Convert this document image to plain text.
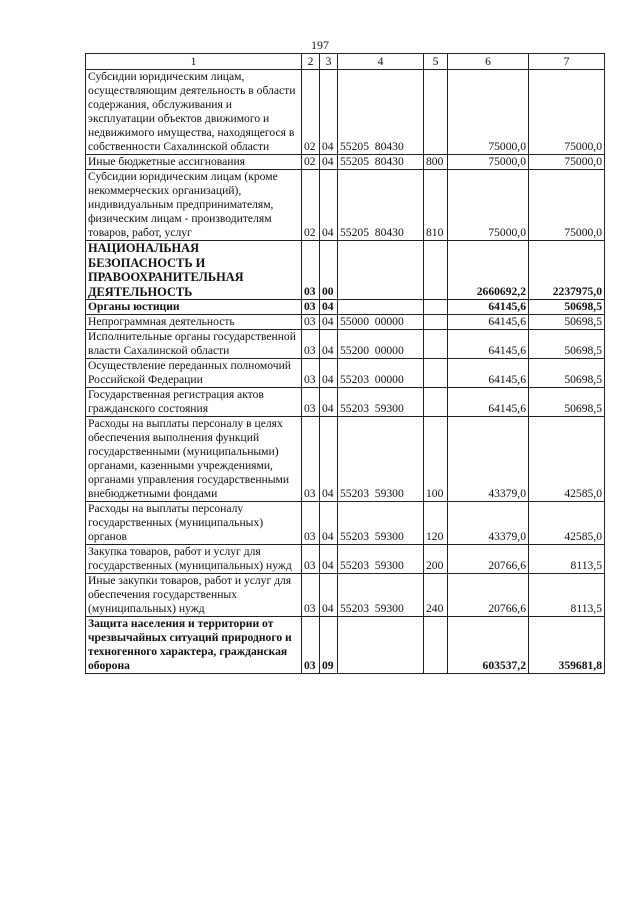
197
1	2	3	4	5	6	7
Субсидии юридическим лицам, осуществляющим деятельность в области содержания, обслуживания и эксплуатации объектов движимого и недвижимого имущества, находящегося в собственности Сахалинской области	02	04	55205  80430		75000,0	75000,0
Иные бюджетные ассигнования	02	04	55205  80430	800	75000,0	75000,0
Субсидии юридическим лицам (кроме некоммерческих организаций), индивидуальным предпринимателям, физическим лицам - производителям товаров, работ, услуг	02	04	55205  80430	810	75000,0	75000,0
НАЦИОНАЛЬНАЯ БЕЗОПАСНОСТЬ И ПРАВООХРАНИТЕЛЬНАЯ ДЕЯТЕЛЬНОСТЬ	03	00			2660692,2	2237975,0
Органы юстиции	03	04			64145,6	50698,5
Непрограммная деятельность	03	04	55000  00000		64145,6	50698,5
Исполнительные органы государственной власти Сахалинской области	03	04	55200  00000		64145,6	50698,5
Осуществление переданных полномочий Российской Федерации	03	04	55203  00000		64145,6	50698,5
Государственная регистрация актов гражданского состояния	03	04	55203  59300		64145,6	50698,5
Расходы на выплаты персоналу в целях обеспечения выполнения функций государственными (муниципальными) органами, казенными учреждениями, органами управления государственными внебюджетными фондами	03	04	55203  59300	100	43379,0	42585,0
Расходы на выплаты персоналу государственных (муниципальных) органов	03	04	55203  59300	120	43379,0	42585,0
Закупка товаров, работ и услуг для государственных (муниципальных) нужд	03	04	55203  59300	200	20766,6	8113,5
Иные закупки товаров, работ и услуг для обеспечения государственных (муниципальных) нужд	03	04	55203  59300	240	20766,6	8113,5
Защита населения и территории от чрезвычайных ситуаций природного и техногенного характера, гражданская оборона	03	09			603537,2	359681,8
